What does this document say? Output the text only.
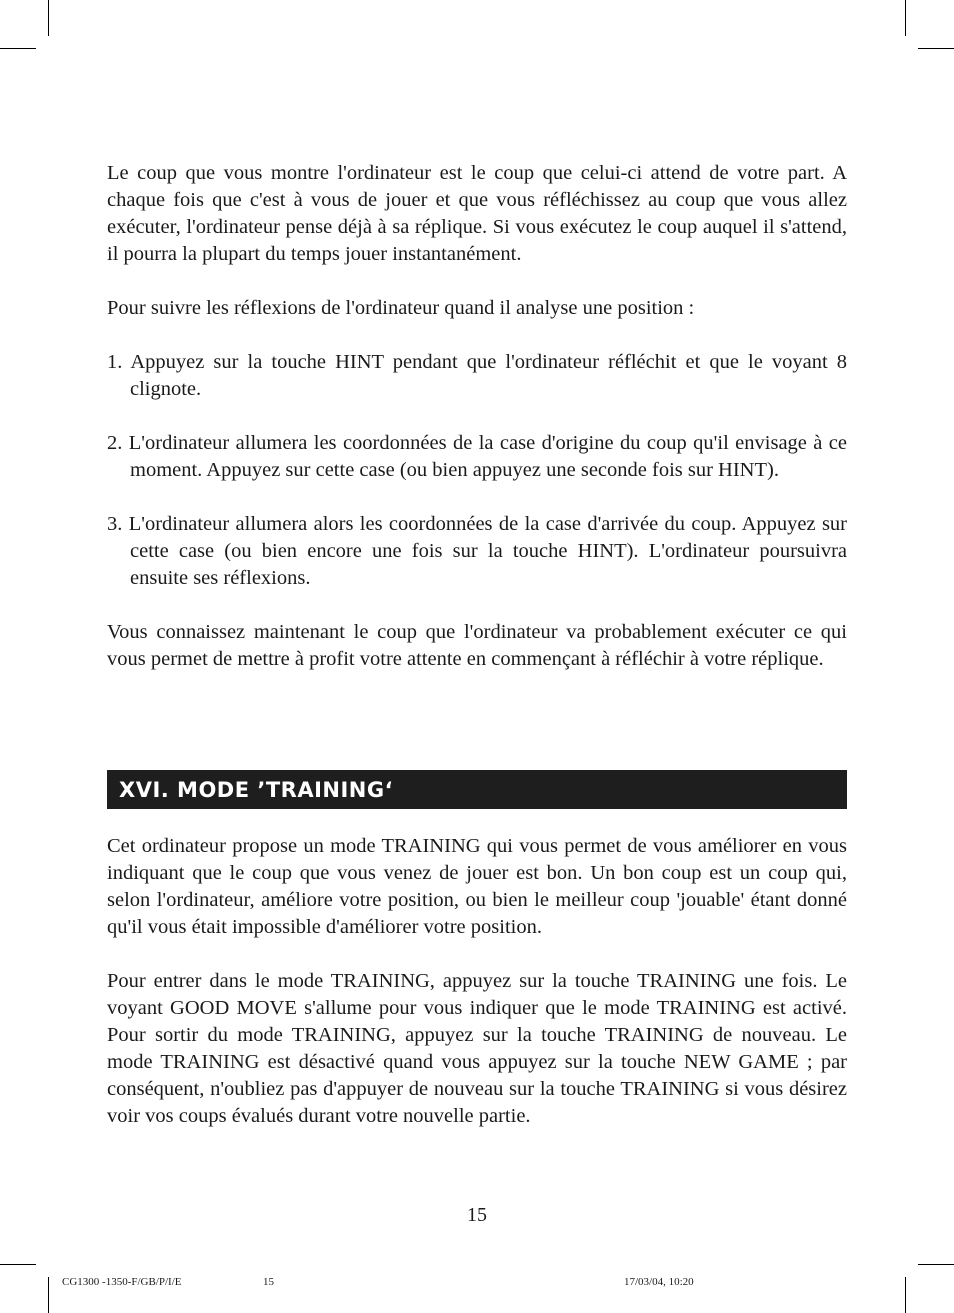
Le coup que vous montre l'ordinateur est le coup que celui-ci attend de votre part. A chaque fois que c'est à vous de jouer et que vous réfléchissez au coup que vous allez exécuter, l'ordinateur pense déjà à sa réplique. Si vous exécutez le coup auquel il s'attend, il pourra la plupart du temps jouer instantanément.

Pour suivre les réflexions de l'ordinateur quand il analyse une position :

1. Appuyez sur la touche HINT pendant que l'ordinateur réfléchit et que le voyant 8 clignote.
2. L'ordinateur allumera les coordonnées de la case d'origine du coup qu'il envisage à ce moment. Appuyez sur cette case (ou bien appuyez une seconde fois sur HINT).
3. L'ordinateur allumera alors les coordonnées de la case d'arrivée du coup. Appuyez sur cette case (ou bien encore une fois sur la touche HINT). L'ordinateur poursuivra ensuite ses réflexions.

Vous connaissez maintenant le coup que l'ordinateur va probablement exécuter ce qui vous permet de mettre à profit votre attente en commençant à réfléchir à votre réplique.

XVI. MODE ’TRAINING‘

Cet ordinateur propose un mode TRAINING qui vous permet de vous améliorer en vous indiquant que le coup que vous venez de jouer est bon. Un bon coup est un coup qui, selon l'ordinateur, améliore votre position, ou bien le meilleur coup 'jouable' étant donné qu'il vous était impossible d'améliorer votre position.

Pour entrer dans le mode TRAINING, appuyez sur la touche TRAINING une fois. Le voyant GOOD MOVE s'allume pour vous indiquer que le mode TRAINING est activé. Pour sortir du mode TRAINING, appuyez sur la touche TRAINING de nouveau. Le mode TRAINING est désactivé quand vous appuyez sur la touche NEW GAME ; par conséquent, n'oubliez pas d'appuyer de nouveau sur la touche TRAINING si vous désirez voir vos coups évalués durant votre nouvelle partie.

15
CG1300 -1350-F/GB/P/I/E	15	17/03/04, 10:20
